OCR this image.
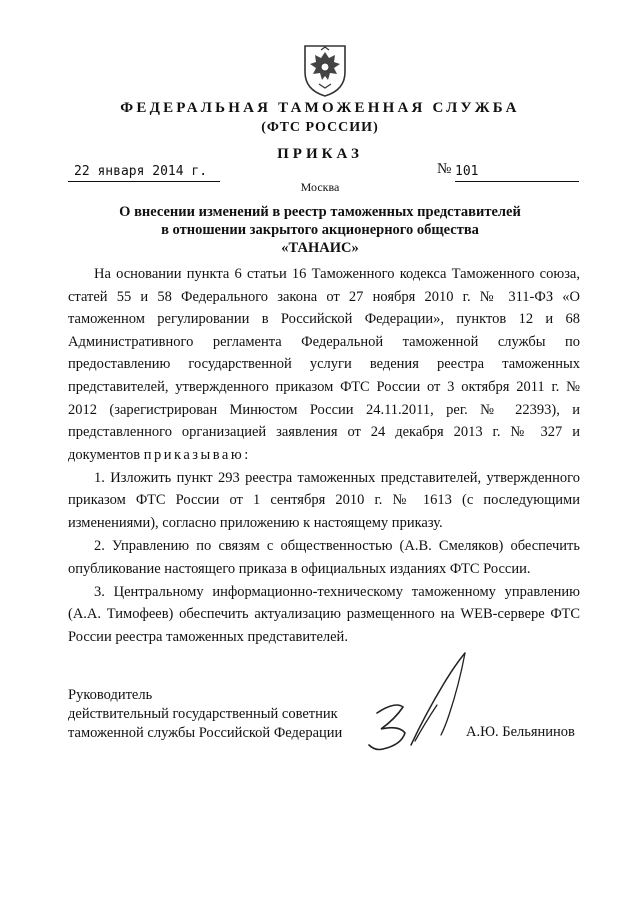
ФЕДЕРАЛЬНАЯ ТАМОЖЕННАЯ СЛУЖБА
(ФТС РОССИИ)
ПРИКАЗ
22 января 2014 г.	№ 101
Москва
О внесении изменений в реестр таможенных представителей
в отношении закрытого акционерного общества
«ТАНАИС»

На основании пункта 6 статьи 16 Таможенного кодекса Таможенного союза, статей 55 и 58 Федерального закона от 27 ноября 2010 г. № 311-ФЗ «О таможенном регулировании в Российской Федерации», пунктов 12 и 68 Административного регламента Федеральной таможенной службы по предоставлению государственной услуги ведения реестра таможенных представителей, утвержденного приказом ФТС России от 3 октября 2011 г. № 2012 (зарегистрирован Минюстом России 24.11.2011, рег. № 22393), и представленного организацией заявления от 24 декабря 2013 г. № 327 и документов приказываю:

1. Изложить пункт 293 реестра таможенных представителей, утвержденного приказом ФТС России от 1 сентября 2010 г. № 1613 (с последующими изменениями), согласно приложению к настоящему приказу.

2. Управлению по связям с общественностью (А.В. Смеляков) обеспечить опубликование настоящего приказа в официальных изданиях ФТС России.

3. Центральному информационно-техническому таможенному управлению (А.А. Тимофеев) обеспечить актуализацию размещенного на WEB-сервере ФТС России реестра таможенных представителей.

Руководитель
действительный государственный советник
таможенной службы Российской Федерации	А.Ю. Бельянинов
